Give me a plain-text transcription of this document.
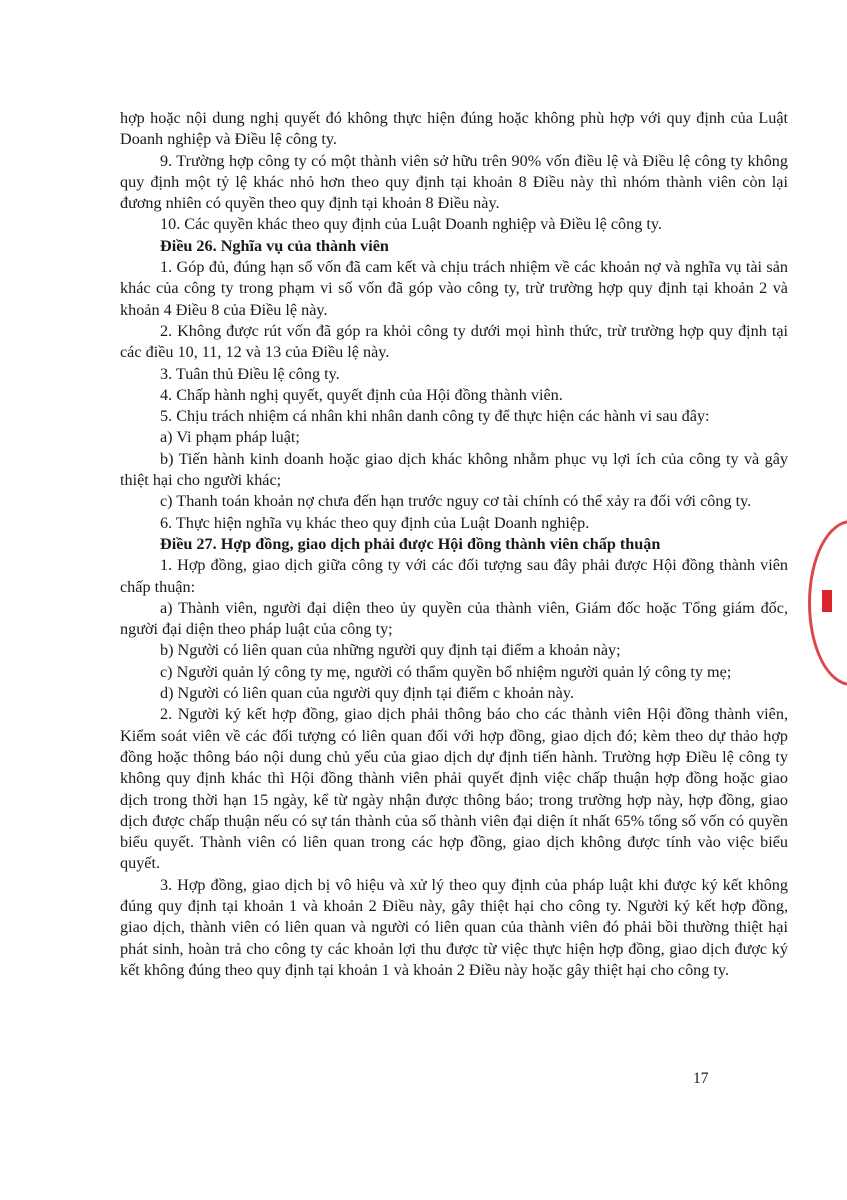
hợp hoặc nội dung nghị quyết đó không thực hiện đúng hoặc không phù hợp với quy định của Luật Doanh nghiệp và Điều lệ công ty.

9. Trường hợp công ty có một thành viên sở hữu trên 90% vốn điều lệ và Điều lệ công ty không quy định một tỷ lệ khác nhỏ hơn theo quy định tại khoản 8 Điều này thì nhóm thành viên còn lại đương nhiên có quyền theo quy định tại khoản 8 Điều này.

10. Các quyền khác theo quy định của Luật Doanh nghiệp và Điều lệ công ty.

Điều 26. Nghĩa vụ của thành viên

1. Góp đủ, đúng hạn số vốn đã cam kết và chịu trách nhiệm về các khoản nợ và nghĩa vụ tài sản khác của công ty trong phạm vi số vốn đã góp vào công ty, trừ trường hợp quy định tại khoản 2 và khoản 4 Điều 8 của Điều lệ này.

2. Không được rút vốn đã góp ra khỏi công ty dưới mọi hình thức, trừ trường hợp quy định tại các điều 10, 11, 12 và 13 của Điều lệ này.

3. Tuân thủ Điều lệ công ty.

4. Chấp hành nghị quyết, quyết định của Hội đồng thành viên.

5. Chịu trách nhiệm cá nhân khi nhân danh công ty để thực hiện các hành vi sau đây:

a) Vi phạm pháp luật;

b) Tiến hành kinh doanh hoặc giao dịch khác không nhằm phục vụ lợi ích của công ty và gây thiệt hại cho người khác;

c) Thanh toán khoản nợ chưa đến hạn trước nguy cơ tài chính có thể xảy ra đối với công ty.

6. Thực hiện nghĩa vụ khác theo quy định của Luật Doanh nghiệp.

Điều 27. Hợp đồng, giao dịch phải được Hội đồng thành viên chấp thuận

1. Hợp đồng, giao dịch giữa công ty với các đối tượng sau đây phải được Hội đồng thành viên chấp thuận:

a) Thành viên, người đại diện theo ủy quyền của thành viên, Giám đốc hoặc Tổng giám đốc, người đại diện theo pháp luật của công ty;

b) Người có liên quan của những người quy định tại điểm a khoản này;

c) Người quản lý công ty mẹ, người có thẩm quyền bổ nhiệm người quản lý công ty mẹ;

d) Người có liên quan của người quy định tại điểm c khoản này.

2. Người ký kết hợp đồng, giao dịch phải thông báo cho các thành viên Hội đồng thành viên, Kiểm soát viên về các đối tượng có liên quan đối với hợp đồng, giao dịch đó; kèm theo dự thảo hợp đồng hoặc thông báo nội dung chủ yếu của giao dịch dự định tiến hành. Trường hợp Điều lệ công ty không quy định khác thì Hội đồng thành viên phải quyết định việc chấp thuận hợp đồng hoặc giao dịch trong thời hạn 15 ngày, kể từ ngày nhận được thông báo; trong trường hợp này, hợp đồng, giao dịch được chấp thuận nếu có sự tán thành của số thành viên đại diện ít nhất 65% tổng số vốn có quyền biểu quyết. Thành viên có liên quan trong các hợp đồng, giao dịch không được tính vào việc biểu quyết.

3. Hợp đồng, giao dịch bị vô hiệu và xử lý theo quy định của pháp luật khi được ký kết không đúng quy định tại khoản 1 và khoản 2 Điều này, gây thiệt hại cho công ty. Người ký kết hợp đồng, giao dịch, thành viên có liên quan và người có liên quan của thành viên đó phải bồi thường thiệt hại phát sinh, hoàn trả cho công ty các khoản lợi thu được từ việc thực hiện hợp đồng, giao dịch được ký kết không đúng theo quy định tại khoản 1 và khoản 2 Điều này hoặc gây thiệt hại cho công ty.

17
